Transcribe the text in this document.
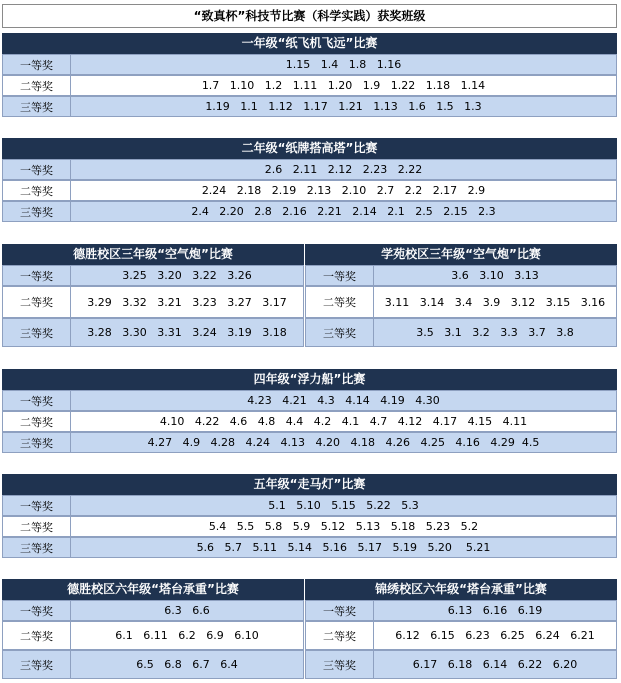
“致真杯”科技节比赛（科学实践）获奖班级
一年级“纸飞机飞远”比赛
一等奖	1.15   1.4   1.8   1.16
二等奖	1.7   1.10   1.2   1.11   1.20   1.9   1.22   1.18   1.14
三等奖	1.19   1.1   1.12   1.17   1.21   1.13   1.6   1.5   1.3
二年级“纸牌搭高塔”比赛
一等奖	2.6   2.11   2.12   2.23   2.22
二等奖	2.24   2.18   2.19   2.13   2.10   2.7   2.2   2.17   2.9
三等奖	2.4   2.20   2.8   2.16   2.21   2.14   2.1   2.5   2.15   2.3
德胜校区三年级“空气炮”比赛
一等奖	3.25   3.20   3.22   3.26
二等奖	3.29   3.32   3.21   3.23   3.27   3.17
三等奖	3.28   3.30   3.31   3.24   3.19   3.18
学苑校区三年级“空气炮”比赛
一等奖	3.6   3.10   3.13
二等奖	3.11   3.14   3.4   3.9   3.12   3.15   3.16
三等奖	3.5   3.1   3.2   3.3   3.7   3.8
四年级“浮力船”比赛
一等奖	4.23   4.21   4.3   4.14   4.19   4.30
二等奖	4.10   4.22   4.6   4.8   4.4   4.2   4.1   4.7   4.12   4.17   4.15   4.11
三等奖	4.27   4.9   4.28   4.24   4.13   4.20   4.18   4.26   4.25   4.16   4.29  4.5
五年级“走马灯”比赛
一等奖	5.1   5.10   5.15   5.22   5.3
二等奖	5.4   5.5   5.8   5.9   5.12   5.13   5.18   5.23   5.2
三等奖	5.6   5.7   5.11   5.14   5.16   5.17   5.19   5.20    5.21
德胜校区六年级“塔台承重”比赛
一等奖	6.3   6.6
二等奖	6.1   6.11   6.2   6.9   6.10
三等奖	6.5   6.8   6.7   6.4
锦绣校区六年级“塔台承重”比赛
一等奖	6.13   6.16   6.19
二等奖	6.12   6.15   6.23   6.25   6.24   6.21
三等奖	6.17   6.18   6.14   6.22   6.20
